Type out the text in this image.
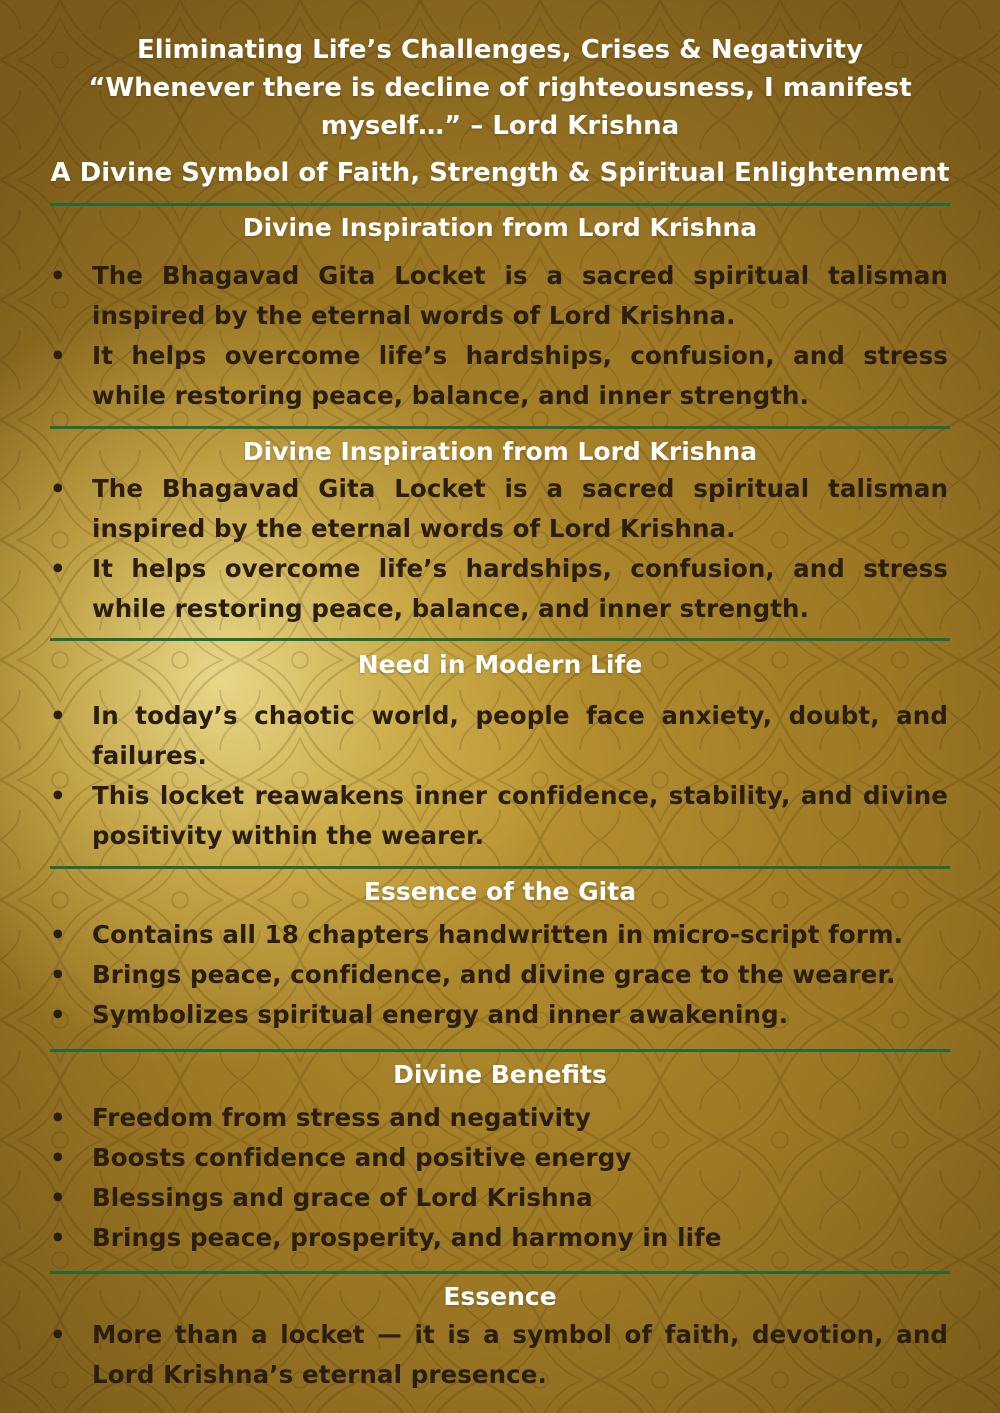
Eliminating Life’s Challenges, Crises & Negativity
“Whenever there is decline of righteousness, I manifest
myself…” – Lord Krishna
A Divine Symbol of Faith, Strength & Spiritual Enlightenment
Divine Inspiration from Lord Krishna
• The Bhagavad Gita Locket is a sacred spiritual talisman inspired by the eternal words of Lord Krishna.
• It helps overcome life’s hardships, confusion, and stress while restoring peace, balance, and inner strength.
Divine Inspiration from Lord Krishna
• The Bhagavad Gita Locket is a sacred spiritual talisman inspired by the eternal words of Lord Krishna.
• It helps overcome life’s hardships, confusion, and stress while restoring peace, balance, and inner strength.
Need in Modern Life
• In today’s chaotic world, people face anxiety, doubt, and failures.
• This locket reawakens inner confidence, stability, and divine positivity within the wearer.
Essence of the Gita
• Contains all 18 chapters handwritten in micro-script form.
• Brings peace, confidence, and divine grace to the wearer.
• Symbolizes spiritual energy and inner awakening.
Divine Benefits
• Freedom from stress and negativity
• Boosts confidence and positive energy
• Blessings and grace of Lord Krishna
• Brings peace, prosperity, and harmony in life
Essence
• More than a locket — it is a symbol of faith, devotion, and Lord Krishna’s eternal presence.
